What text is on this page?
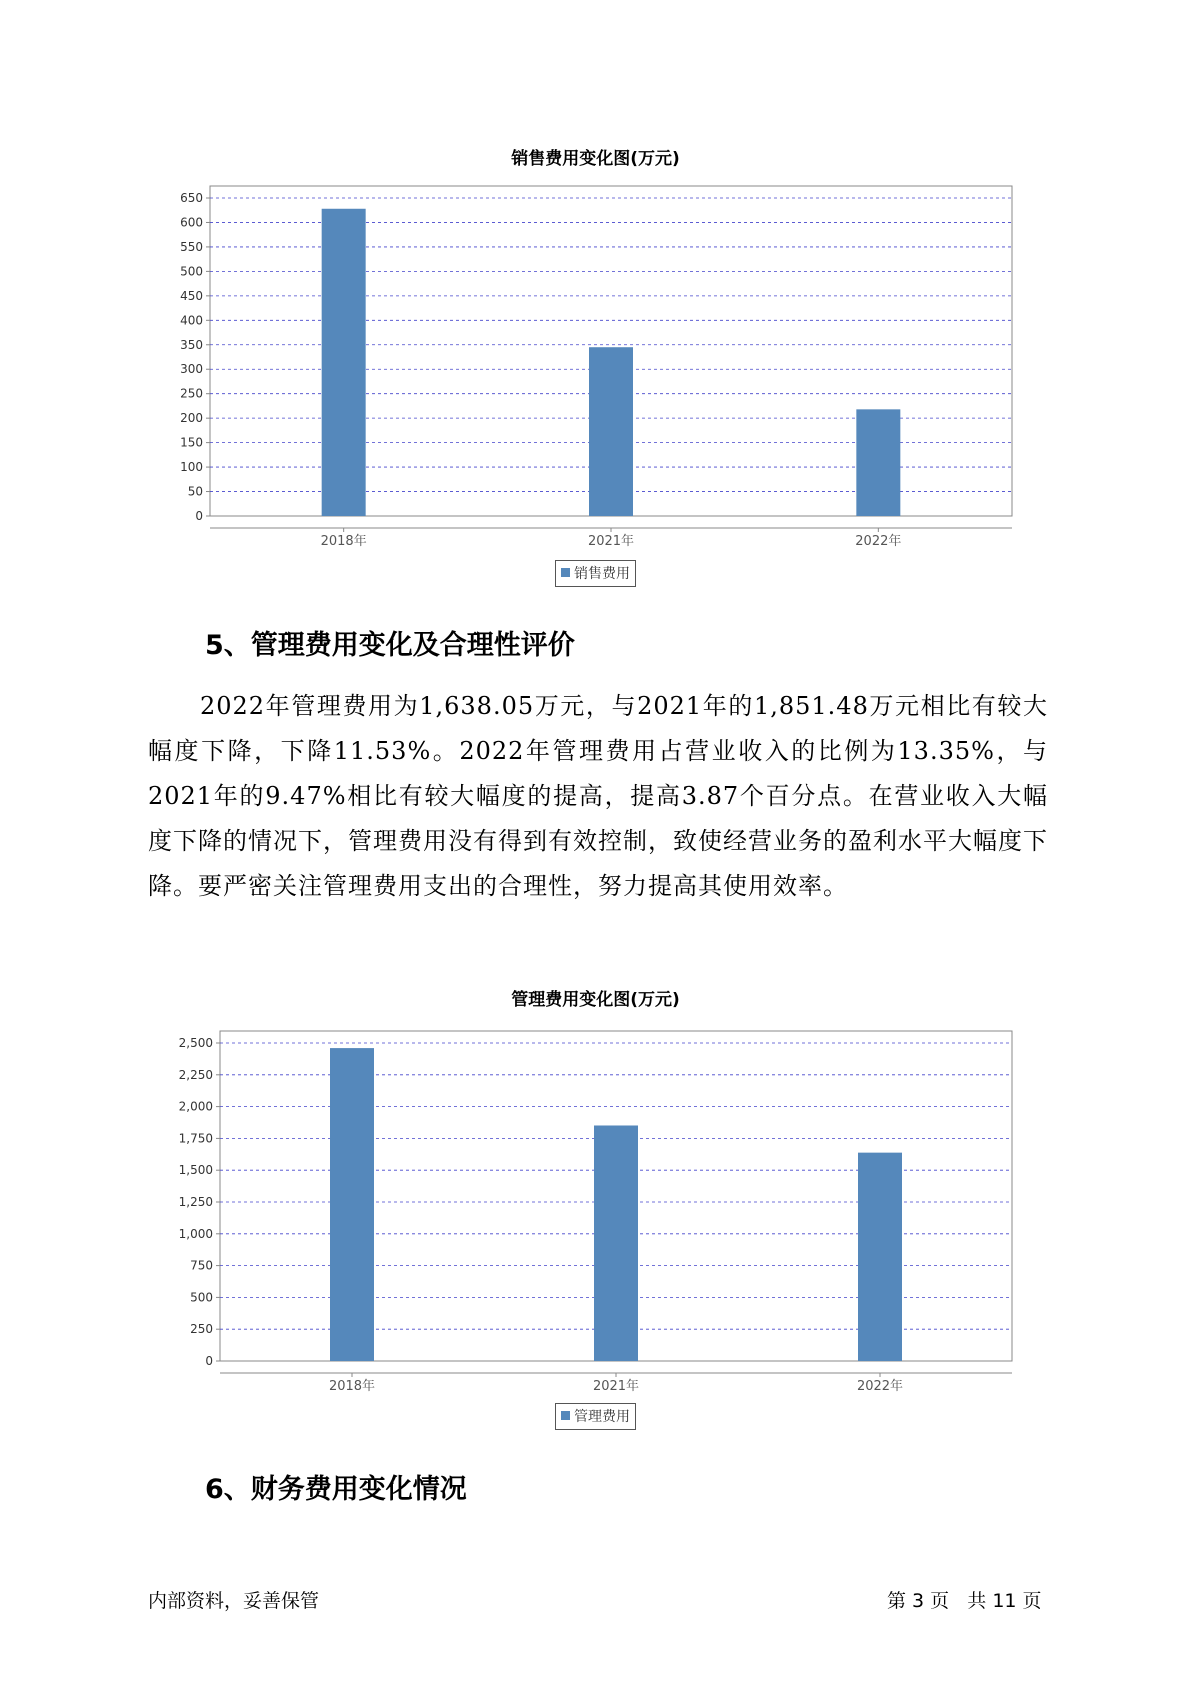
销售费用变化图(万元)
0
50
100
150
200
250
300
350
400
450
500
550
600
650
2018年	2021年	2022年
销售费用
5、管理费用变化及合理性评价
2022年管理费用为1,638.05万元，与2021年的1,851.48万元相比有较大幅度下降，下降11.53%。2022年管理费用占营业收入的比例为13.35%，与2021年的9.47%相比有较大幅度的提高，提高3.87个百分点。在营业收入大幅度下降的情况下，管理费用没有得到有效控制，致使经营业务的盈利水平大幅度下降。要严密关注管理费用支出的合理性，努力提高其使用效率。
管理费用变化图(万元)
0
250
500
750
1,000
1,250
1,500
1,750
2,000
2,250
2,500
2018年	2021年	2022年
管理费用
6、财务费用变化情况
内部资料，妥善保管	第 3 页   共 11 页
